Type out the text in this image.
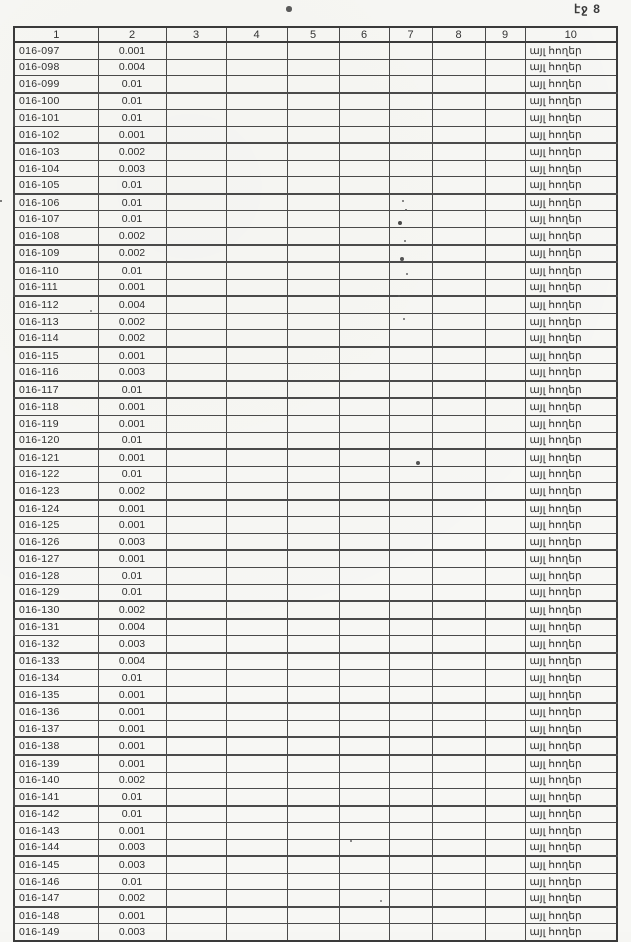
էջ 8
1	2	3	4	5	6	7	8	9	10
016-097	0.001								այլ հողեր
016-098	0.004								այլ հողեր
016-099	0.01								այլ հողեր
016-100	0.01								այլ հողեր
016-101	0.01								այլ հողեր
016-102	0.001								այլ հողեր
016-103	0.002								այլ հողեր
016-104	0.003								այլ հողեր
016-105	0.01								այլ հողեր
016-106	0.01								այլ հողեր
016-107	0.01								այլ հողեր
016-108	0.002								այլ հողեր
016-109	0.002								այլ հողեր
016-110	0.01								այլ հողեր
016-111	0.001								այլ հողեր
016-112	0.004								այլ հողեր
016-113	0.002								այլ հողեր
016-114	0.002								այլ հողեր
016-115	0.001								այլ հողեր
016-116	0.003								այլ հողեր
016-117	0.01								այլ հողեր
016-118	0.001								այլ հողեր
016-119	0.001								այլ հողեր
016-120	0.01								այլ հողեր
016-121	0.001								այլ հողեր
016-122	0.01								այլ հողեր
016-123	0.002								այլ հողեր
016-124	0.001								այլ հողեր
016-125	0.001								այլ հողեր
016-126	0.003								այլ հողեր
016-127	0.001								այլ հողեր
016-128	0.01								այլ հողեր
016-129	0.01								այլ հողեր
016-130	0.002								այլ հողեր
016-131	0.004								այլ հողեր
016-132	0.003								այլ հողեր
016-133	0.004								այլ հողեր
016-134	0.01								այլ հողեր
016-135	0.001								այլ հողեր
016-136	0.001								այլ հողեր
016-137	0.001								այլ հողեր
016-138	0.001								այլ հողեր
016-139	0.001								այլ հողեր
016-140	0.002								այլ հողեր
016-141	0.01								այլ հողեր
016-142	0.01								այլ հողեր
016-143	0.001								այլ հողեր
016-144	0.003								այլ հողեր
016-145	0.003								այլ հողեր
016-146	0.01								այլ հողեր
016-147	0.002								այլ հողեր
016-148	0.001								այլ հողեր
016-149	0.003								այլ հողեր
